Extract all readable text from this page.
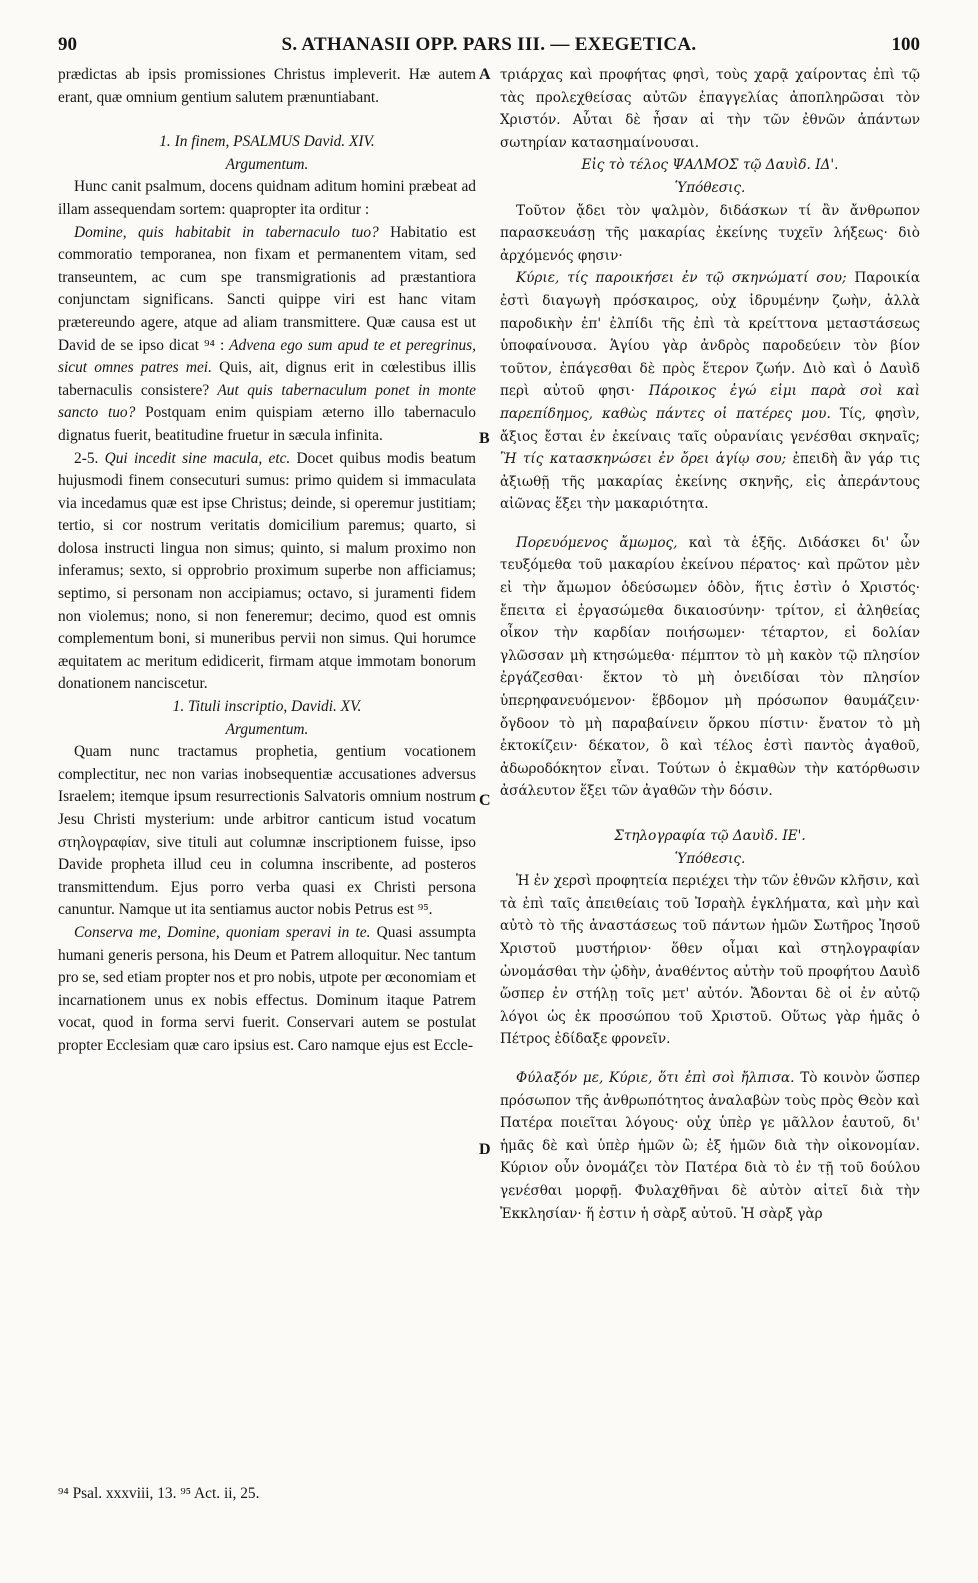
90	S. ATHANASII OPP. PARS III. — EXEGETICA.	100

prædictas ab ipsis promissiones Christus impleverit. Hæ autem erant, quæ omnium gentium salutem prænuntiabant.

1. In finem, PSALMUS David. XIV.

Argumentum.

Hunc canit psalmum, docens quidnam aditum homini præbeat ad illam assequendam sortem: quapropter ita orditur :

Domine, quis habitabit in tabernaculo tuo? Habitatio est commoratio temporanea, non fixam et permanentem vitam, sed transeuntem, ac cum spe transmigrationis ad præstantiora conjunctam significans. Sancti quippe viri est hanc vitam prætereundo agere, atque ad aliam transmittere. Quæ causa est ut David de se ipso dicat ⁹⁴ : Advena ego sum apud te et peregrinus, sicut omnes patres mei. Quis, ait, dignus erit in cœlestibus illis tabernaculis consistere? Aut quis tabernaculum ponet in monte sancto tuo? Postquam enim quispiam æterno illo tabernaculo dignatus fuerit, beatitudine fruetur in sæcula infinita.

2-5. Qui incedit sine macula, etc. Docet quibus modis beatum hujusmodi finem consecuturi sumus: primo quidem si immaculata via incedamus quæ est ipse Christus; deinde, si operemur justitiam; tertio, si cor nostrum veritatis domicilium paremus; quarto, si dolosa instructi lingua non simus; quinto, si malum proximo non inferamus; sexto, si opprobrio proximum superbe non afficiamus; septimo, si personam non accipiamus; octavo, si juramenti fidem non violemus; nono, si non feneremur; decimo, quod est omnis complementum boni, si muneribus pervii non simus. Qui horumce æquitatem ac meritum edidicerit, firmam atque immotam bonorum donationem nanciscetur.

1. Tituli inscriptio, Davidi. XV.

Argumentum.

Quam nunc tractamus prophetia, gentium vocationem complectitur, nec non varias inobsequentiæ accusationes adversus Israelem; itemque ipsum resurrectionis Salvatoris omnium nostrum Jesu Christi mysterium: unde arbitror canticum istud vocatum στηλογραφίαν, sive tituli aut columnæ inscriptionem fuisse, ipso Davide propheta illud ceu in columna inscribente, ad posteros transmittendum. Ejus porro verba quasi ex Christi persona canuntur. Namque ut ita sentiamus auctor nobis Petrus est ⁹⁵.

Conserva me, Domine, quoniam speravi in te. Quasi assumpta humani generis persona, his Deum et Patrem alloquitur. Nec tantum pro se, sed etiam propter nos et pro nobis, utpote per œconomiam et incarnationem unus ex nobis effectus. Dominum itaque Patrem vocat, quod in forma servi fuerit. Conservari autem se postulat propter Ecclesiam quæ caro ipsius est. Caro namque ejus est Eccle-

τριάρχας καὶ προφήτας φησὶ, τοὺς χαρᾷ χαίροντας ἐπὶ τῷ τὰς προλεχθείσας αὐτῶν ἐπαγγελίας ἀποπληρῶσαι τὸν Χριστόν. Αὗται δὲ ἦσαν αἱ τὴν τῶν ἐθνῶν ἁπάντων σωτηρίαν κατασημαίνουσαι.

Εἰς τὸ τέλος ΨΑΛΜΟΣ τῷ Δαυὶδ. ΙΔ'.

Ὑπόθεσις.

Τοῦτον ᾄδει τὸν ψαλμὸν, διδάσκων τί ἂν ἄνθρωπον παρασκευάσῃ τῆς μακαρίας ἐκείνης τυχεῖν λήξεως· διὸ ἀρχόμενός φησιν·

Κύριε, τίς παροικήσει ἐν τῷ σκηνώματί σου; Παροικία ἐστὶ διαγωγὴ πρόσκαιρος, οὐχ ἱδρυμένην ζωὴν, ἀλλὰ παροδικὴν ἐπ' ἐλπίδι τῆς ἐπὶ τὰ κρείττονα μεταστάσεως ὑποφαίνουσα. Ἁγίου γὰρ ἀνδρὸς παροδεύειν τὸν βίον τοῦτον, ἐπάγεσθαι δὲ πρὸς ἕτερον ζωήν. Διὸ καὶ ὁ Δαυὶδ περὶ αὐτοῦ φησι· Πάροικος ἐγώ εἰμι παρὰ σοὶ καὶ παρεπίδημος, καθὼς πάντες οἱ πατέρες μου. Τίς, φησὶν, ἄξιος ἔσται ἐν ἐκείναις ταῖς οὐρανίαις γενέσθαι σκηναῖς; Ἢ τίς κατασκηνώσει ἐν ὄρει ἁγίῳ σου; ἐπειδὴ ἂν γάρ τις ἀξιωθῇ τῆς μακαρίας ἐκείνης σκηνῆς, εἰς ἀπεράντους αἰῶνας ἕξει τὴν μακαριότητα.

Πορευόμενος ἄμωμος, καὶ τὰ ἑξῆς. Διδάσκει δι' ὧν τευξόμεθα τοῦ μακαρίου ἐκείνου πέρατος· καὶ πρῶτον μὲν εἰ τὴν ἄμωμον ὁδεύσωμεν ὁδὸν, ἥτις ἐστὶν ὁ Χριστός· ἔπειτα εἰ ἐργασώμεθα δικαιοσύνην· τρίτον, εἰ ἀληθείας οἶκον τὴν καρδίαν ποιήσωμεν· τέταρτον, εἰ δολίαν γλῶσσαν μὴ κτησώμεθα· πέμπτον τὸ μὴ κακὸν τῷ πλησίον ἐργάζεσθαι· ἕκτον τὸ μὴ ὀνειδίσαι τὸν πλησίον ὑπερηφανευόμενον· ἕβδομον μὴ πρόσωπον θαυμάζειν· ὄγδοον τὸ μὴ παραβαίνειν ὅρκου πίστιν· ἔνατον τὸ μὴ ἐκτοκίζειν· δέκατον, ὃ καὶ τέλος ἐστὶ παντὸς ἀγαθοῦ, ἀδωροδόκητον εἶναι. Τούτων ὁ ἐκμαθὼν τὴν κατόρθωσιν ἀσάλευτον ἕξει τῶν ἀγαθῶν τὴν δόσιν.

Στηλογραφία τῷ Δαυὶδ. ΙΕ'.

Ὑπόθεσις.

Ἡ ἐν χερσὶ προφητεία περιέχει τὴν τῶν ἐθνῶν κλῆσιν, καὶ τὰ ἐπὶ ταῖς ἀπειθείαις τοῦ Ἰσραὴλ ἐγκλήματα, καὶ μὴν καὶ αὐτὸ τὸ τῆς ἀναστάσεως τοῦ πάντων ἡμῶν Σωτῆρος Ἰησοῦ Χριστοῦ μυστήριον· ὅθεν οἶμαι καὶ στηλογραφίαν ὠνομάσθαι τὴν ᾠδὴν, ἀναθέντος αὐτὴν τοῦ προφήτου Δαυὶδ ὥσπερ ἐν στήλῃ τοῖς μετ' αὐτόν. Ἄδονται δὲ οἱ ἐν αὐτῷ λόγοι ὡς ἐκ προσώπου τοῦ Χριστοῦ. Οὕτως γὰρ ἡμᾶς ὁ Πέτρος ἐδίδαξε φρονεῖν.

Φύλαξόν με, Κύριε, ὅτι ἐπὶ σοὶ ἤλπισα. Τὸ κοινὸν ὥσπερ πρόσωπον τῆς ἀνθρωπότητος ἀναλαβὼν τοὺς πρὸς Θεὸν καὶ Πατέρα ποιεῖται λόγους· οὐχ ὑπὲρ γε μᾶλλον ἑαυτοῦ, δι' ἡμᾶς δὲ καὶ ὑπὲρ ἡμῶν ὢ; ἐξ ἡμῶν διὰ τὴν οἰκονομίαν. Κύριον οὖν ὀνομάζει τὸν Πατέρα διὰ τὸ ἐν τῇ τοῦ δούλου γενέσθαι μορφῇ. Φυλαχθῆναι δὲ αὐτὸν αἰτεῖ διὰ τὴν Ἐκκλησίαν· ἥ ἐστιν ἡ σὰρξ αὐτοῦ. Ἡ σὰρξ γὰρ

A
B
C
D
⁹⁴ Psal. xxxviii, 13. ⁹⁵ Act. ii, 25.
